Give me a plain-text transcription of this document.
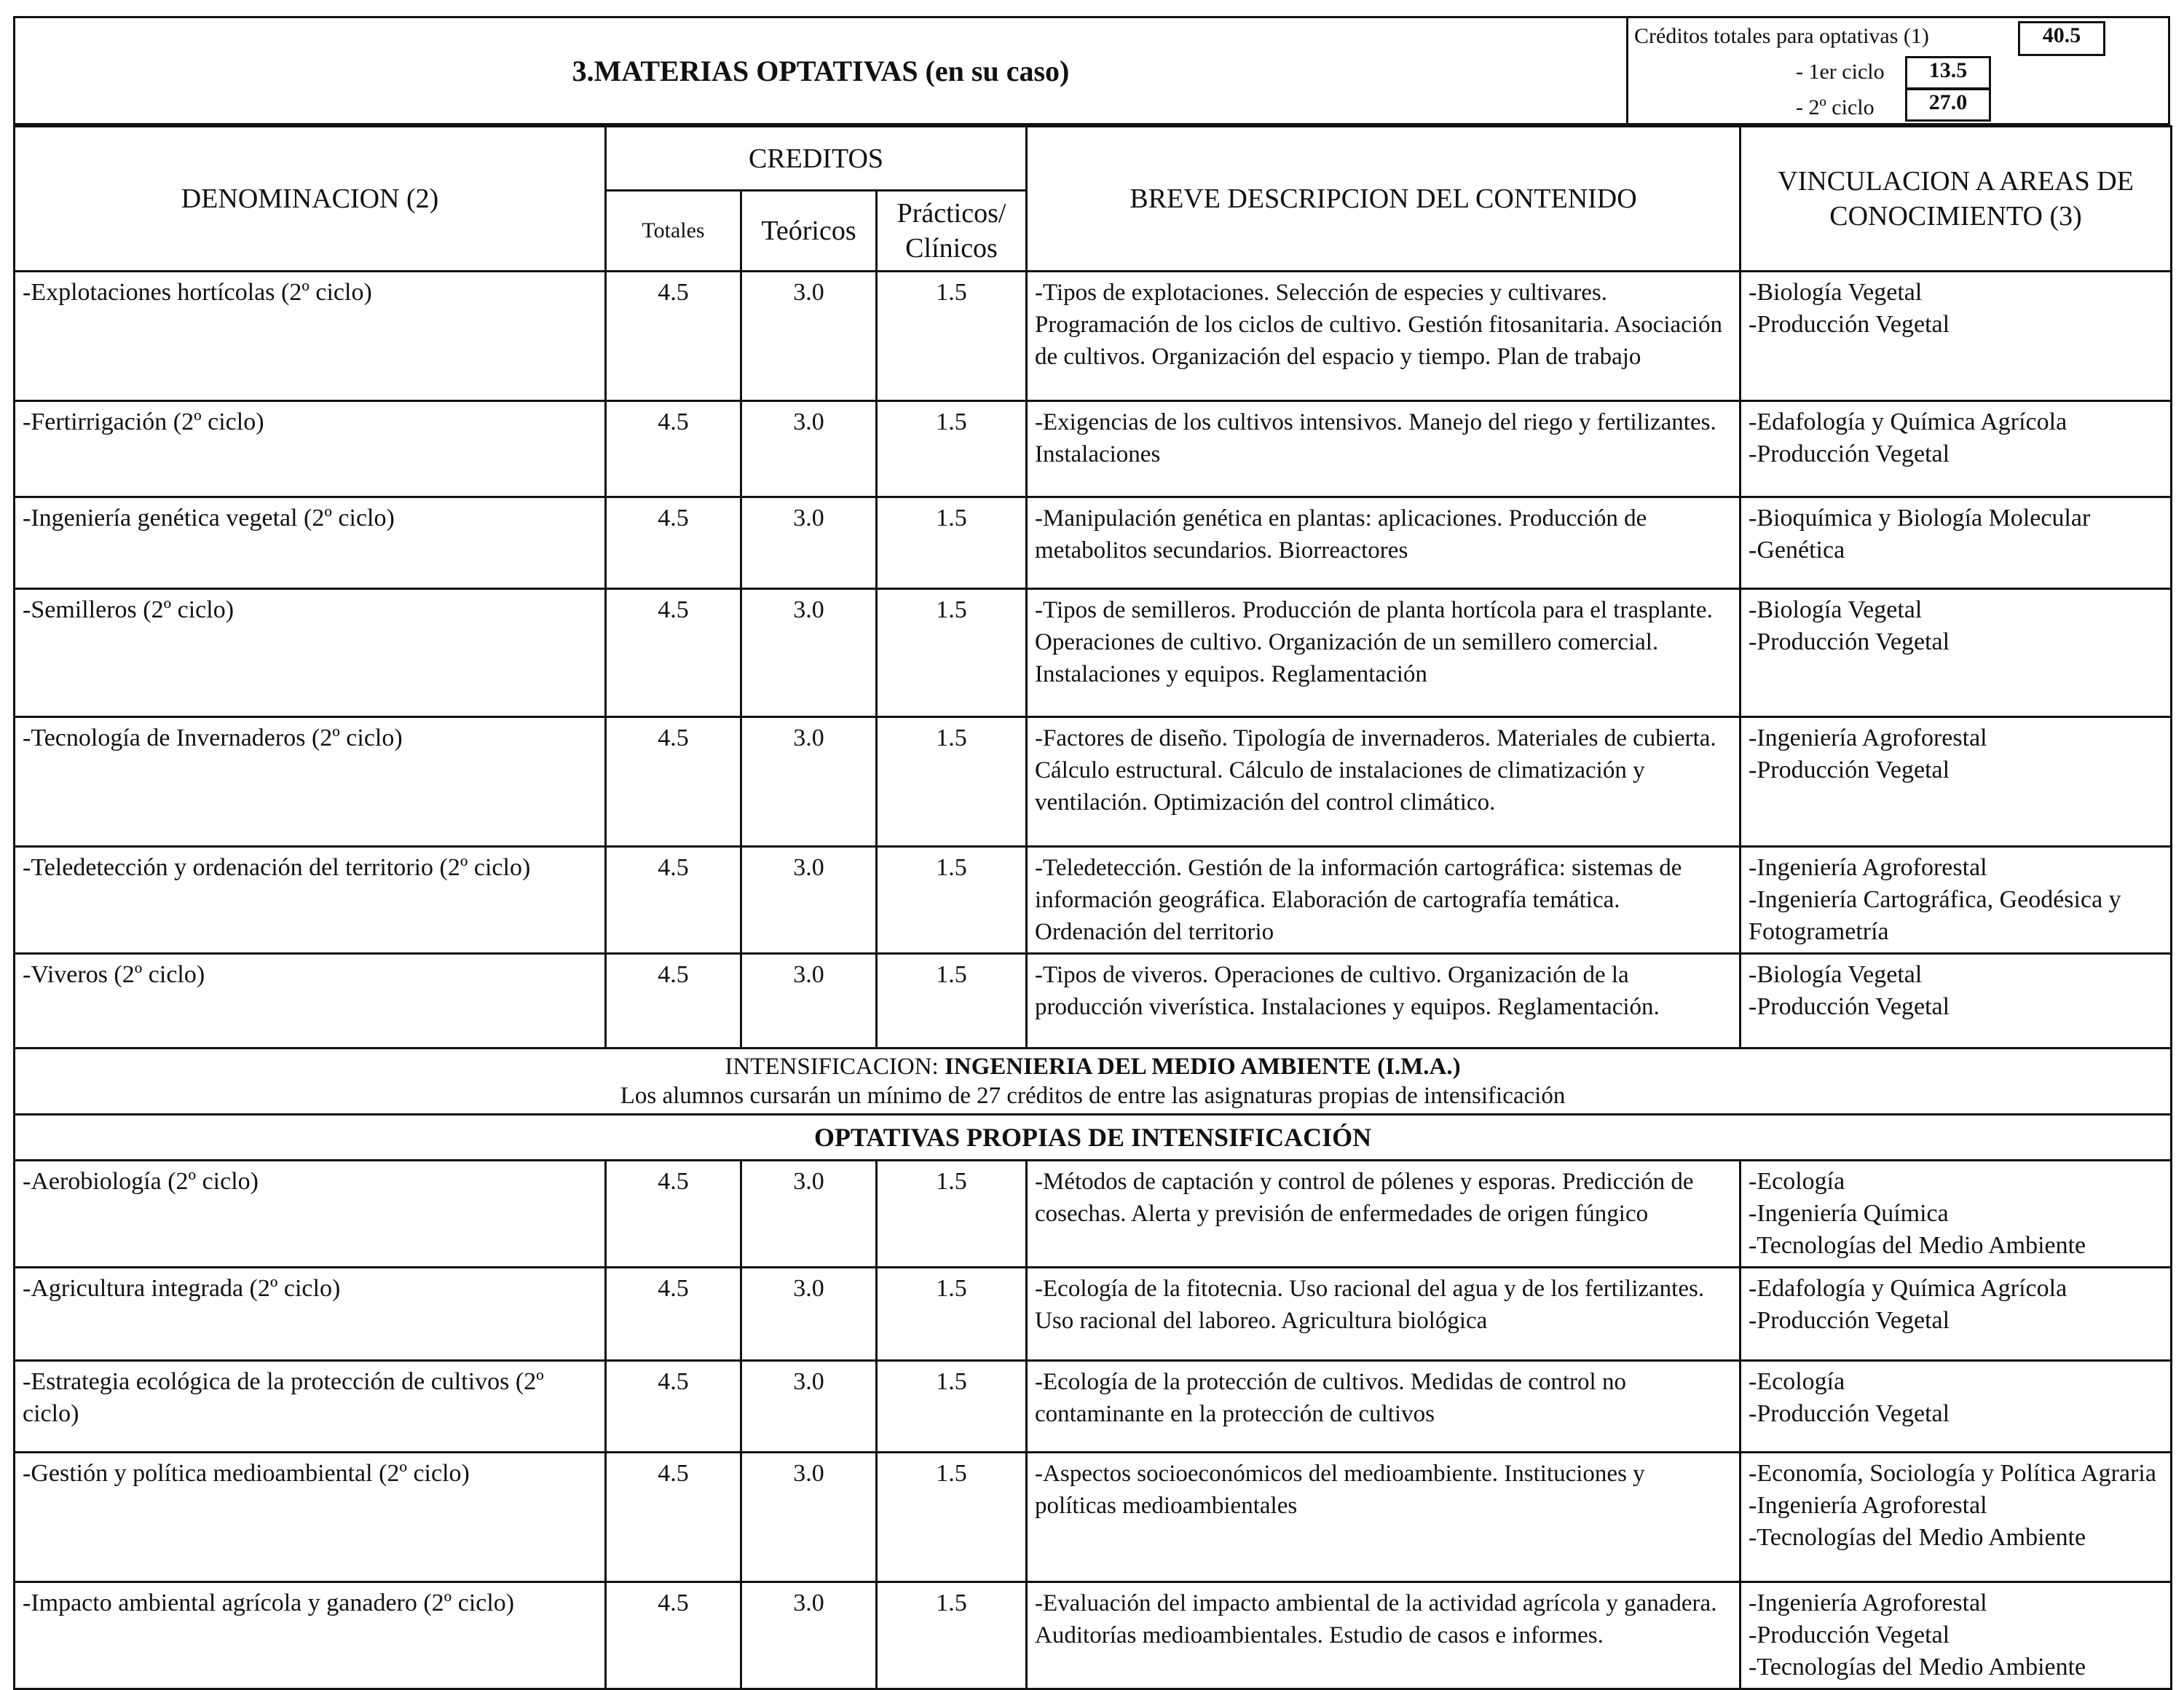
3.MATERIAS OPTATIVAS (en su caso)
Créditos totales para optativas (1)	40.5
- 1er ciclo	13.5
- 2º ciclo	27.0
DENOMINACION (2)	CREDITOS			BREVE DESCRIPCION DEL CONTENIDO	VINCULACION A AREAS DE CONOCIMIENTO (3)
	Totales	Teóricos	Prácticos/ Clínicos		
-Explotaciones hortícolas (2º ciclo)	4.5	3.0	1.5	-Tipos de explotaciones. Selección de especies y cultivares. Programación de los ciclos de cultivo. Gestión fitosanitaria. Asociación de cultivos. Organización del espacio y tiempo. Plan de trabajo	-Biología Vegetal
-Producción Vegetal

-Fertirrigación (2º ciclo)	4.5	3.0	1.5	-Exigencias de los cultivos intensivos. Manejo del riego y fertilizantes. Instalaciones	-Edafología y Química Agrícola
-Producción Vegetal

-Ingeniería genética vegetal (2º ciclo)	4.5	3.0	1.5	-Manipulación genética en plantas: aplicaciones. Producción de metabolitos secundarios. Biorreactores	-Bioquímica y Biología Molecular
-Genética

-Semilleros (2º ciclo)	4.5	3.0	1.5	-Tipos de semilleros. Producción de planta hortícola para el trasplante. Operaciones de cultivo. Organización de un semillero comercial. Instalaciones y equipos. Reglamentación	-Biología Vegetal
-Producción Vegetal

-Tecnología de Invernaderos (2º ciclo)	4.5	3.0	1.5	-Factores de diseño. Tipología de invernaderos. Materiales de cubierta. Cálculo estructural. Cálculo de instalaciones de climatización y ventilación. Optimización del control climático.	-Ingeniería Agroforestal
-Producción Vegetal

-Teledetección y ordenación del territorio (2º ciclo)	4.5	3.0	1.5	-Teledetección. Gestión de la información cartográfica: sistemas de información geográfica. Elaboración de cartografía temática. Ordenación del territorio	-Ingeniería Agroforestal
-Ingeniería Cartográfica, Geodésica y Fotogrametría

-Viveros (2º ciclo)	4.5	3.0	1.5	-Tipos de viveros. Operaciones de cultivo. Organización de la producción viverística. Instalaciones y equipos. Reglamentación.	-Biología Vegetal
-Producción Vegetal

INTENSIFICACION: INGENIERIA DEL MEDIO AMBIENTE (I.M.A.)
Los alumnos cursarán un mínimo de 27 créditos de entre las asignaturas propias de intensificación					

OPTATIVAS PROPIAS DE INTENSIFICACIÓN					
-Aerobiología (2º ciclo)	4.5	3.0	1.5	-Métodos de captación y control de pólenes y esporas. Predicción de cosechas. Alerta y previsión de enfermedades de origen fúngico	-Ecología
-Ingeniería Química
-Tecnologías del Medio Ambiente

-Agricultura integrada (2º ciclo)	4.5	3.0	1.5	-Ecología de la fitotecnia. Uso racional del agua y de los fertilizantes. Uso racional del laboreo. Agricultura biológica	-Edafología y Química Agrícola
-Producción Vegetal

-Estrategia ecológica de la protección de cultivos (2º ciclo)	4.5	3.0	1.5	-Ecología de la protección de cultivos. Medidas de control no contaminante en la protección de cultivos	-Ecología
-Producción Vegetal

-Gestión y política medioambiental (2º ciclo)	4.5	3.0	1.5	-Aspectos socioeconómicos del medioambiente. Instituciones y políticas medioambientales	-Economía, Sociología y Política Agraria
-Ingeniería Agroforestal
-Tecnologías del Medio Ambiente

-Impacto ambiental agrícola y ganadero (2º ciclo)	4.5	3.0	1.5	-Evaluación del impacto ambiental de la actividad agrícola y ganadera. Auditorías medioambientales. Estudio de casos e informes.	-Ingeniería Agroforestal
-Producción Vegetal
-Tecnologías del Medio Ambiente
